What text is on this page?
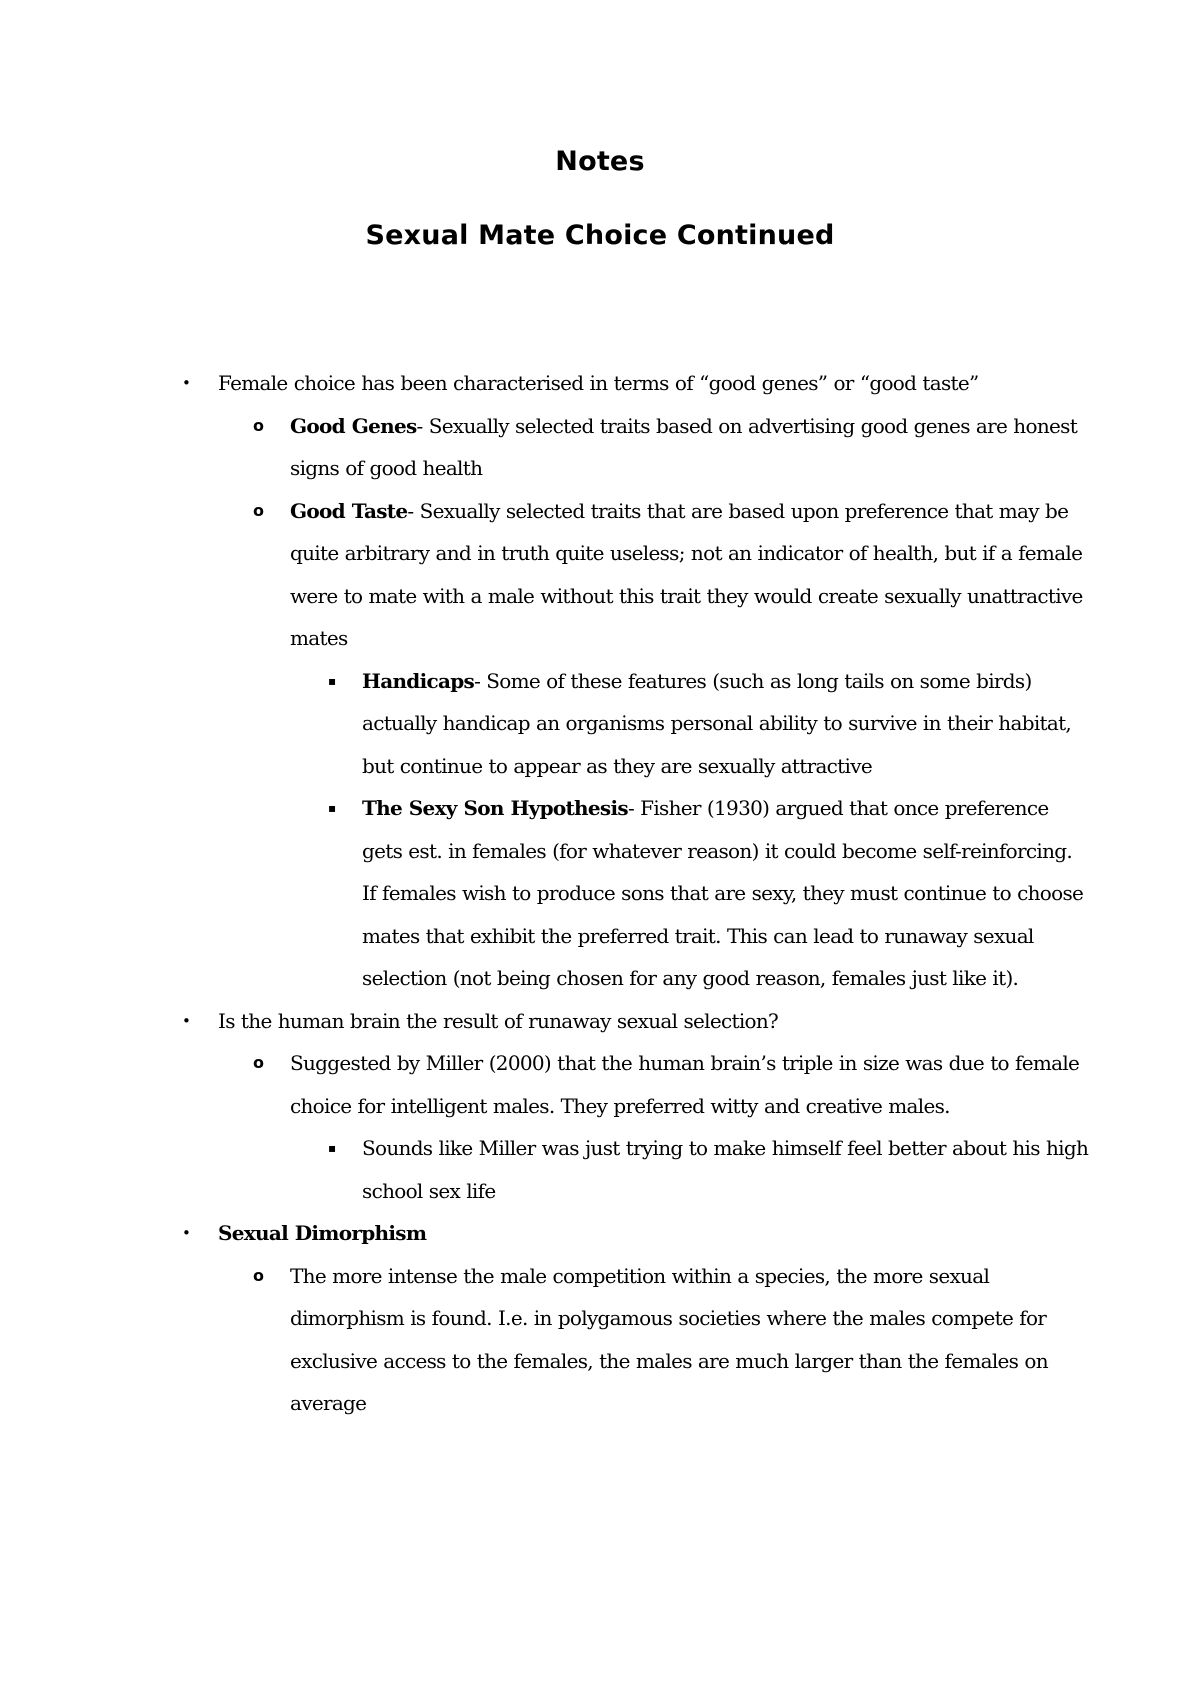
Notes
Sexual Mate Choice Continued
• Female choice has been characterised in terms of “good genes” or “good taste”
o Good Genes- Sexually selected traits based on advertising good genes are honest signs of good health
o Good Taste- Sexually selected traits that are based upon preference that may be quite arbitrary and in truth quite useless; not an indicator of health, but if a female were to mate with a male without this trait they would create sexually unattractive mates
▪ Handicaps- Some of these features (such as long tails on some birds) actually handicap an organisms personal ability to survive in their habitat, but continue to appear as they are sexually attractive
▪ The Sexy Son Hypothesis- Fisher (1930) argued that once preference gets est. in females (for whatever reason) it could become self-reinforcing. If females wish to produce sons that are sexy, they must continue to choose mates that exhibit the preferred trait. This can lead to runaway sexual selection (not being chosen for any good reason, females just like it).
• Is the human brain the result of runaway sexual selection?
o Suggested by Miller (2000) that the human brain’s triple in size was due to female choice for intelligent males. They preferred witty and creative males.
▪ Sounds like Miller was just trying to make himself feel better about his high school sex life
• Sexual Dimorphism
o The more intense the male competition within a species, the more sexual dimorphism is found. I.e. in polygamous societies where the males compete for exclusive access to the females, the males are much larger than the females on average
